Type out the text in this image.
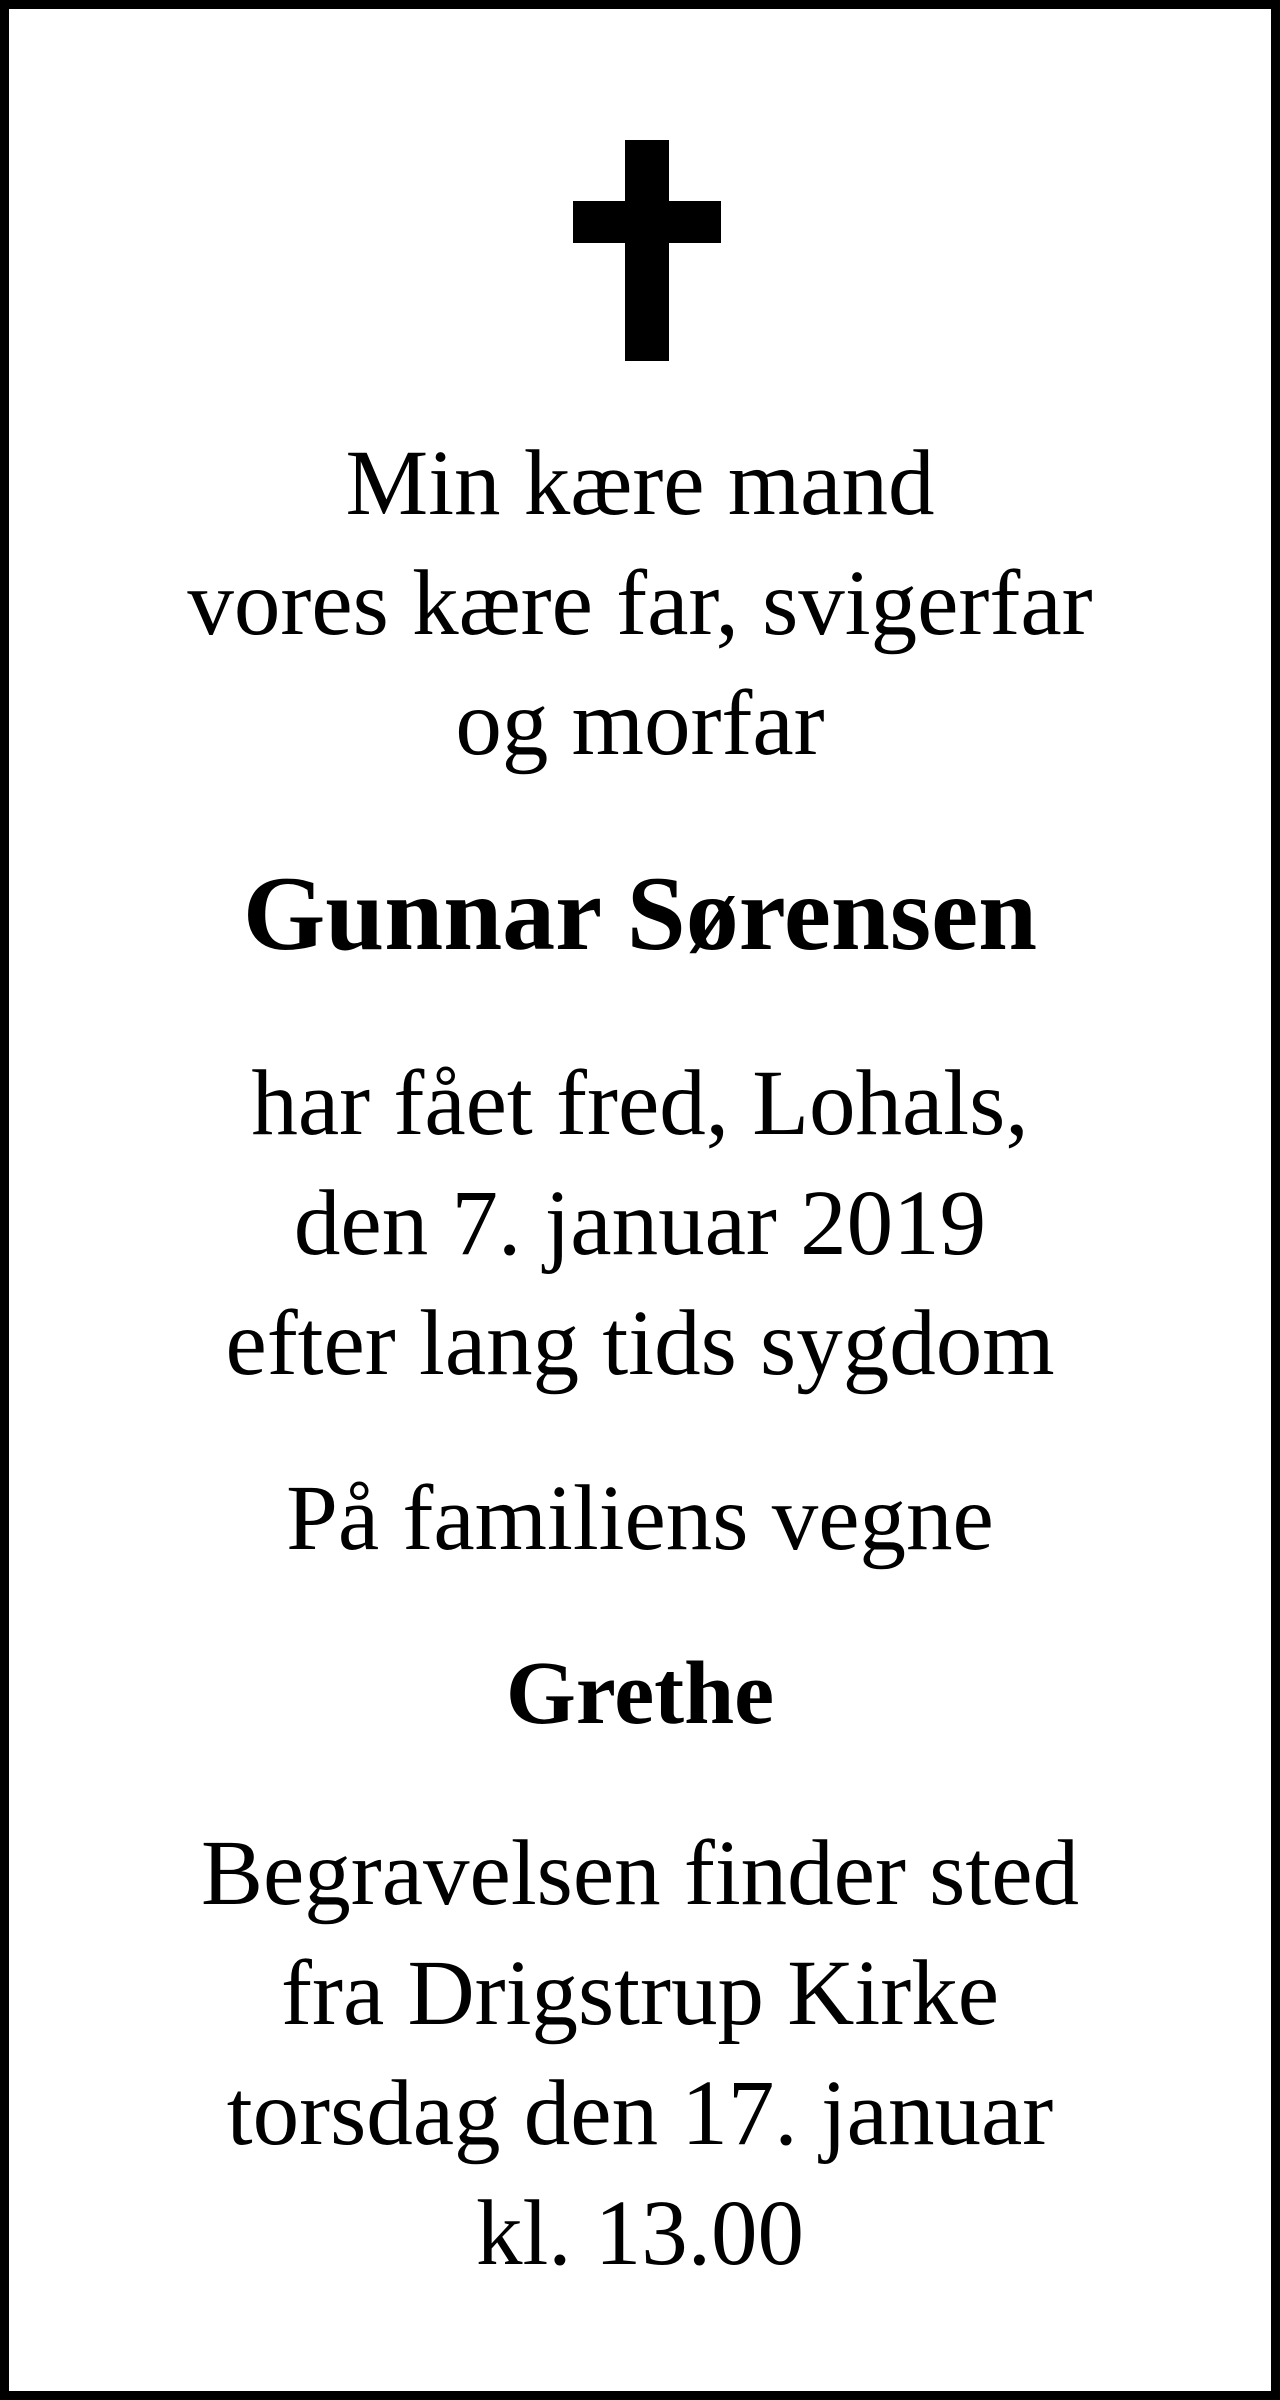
Min kære mand
vores kære far, svigerfar
og morfar
Gunnar Sørensen
har fået fred, Lohals,
den 7. januar 2019
efter lang tids sygdom
På familiens vegne
Grethe
Begravelsen finder sted
fra Drigstrup Kirke
torsdag den 17. januar
kl. 13.00
